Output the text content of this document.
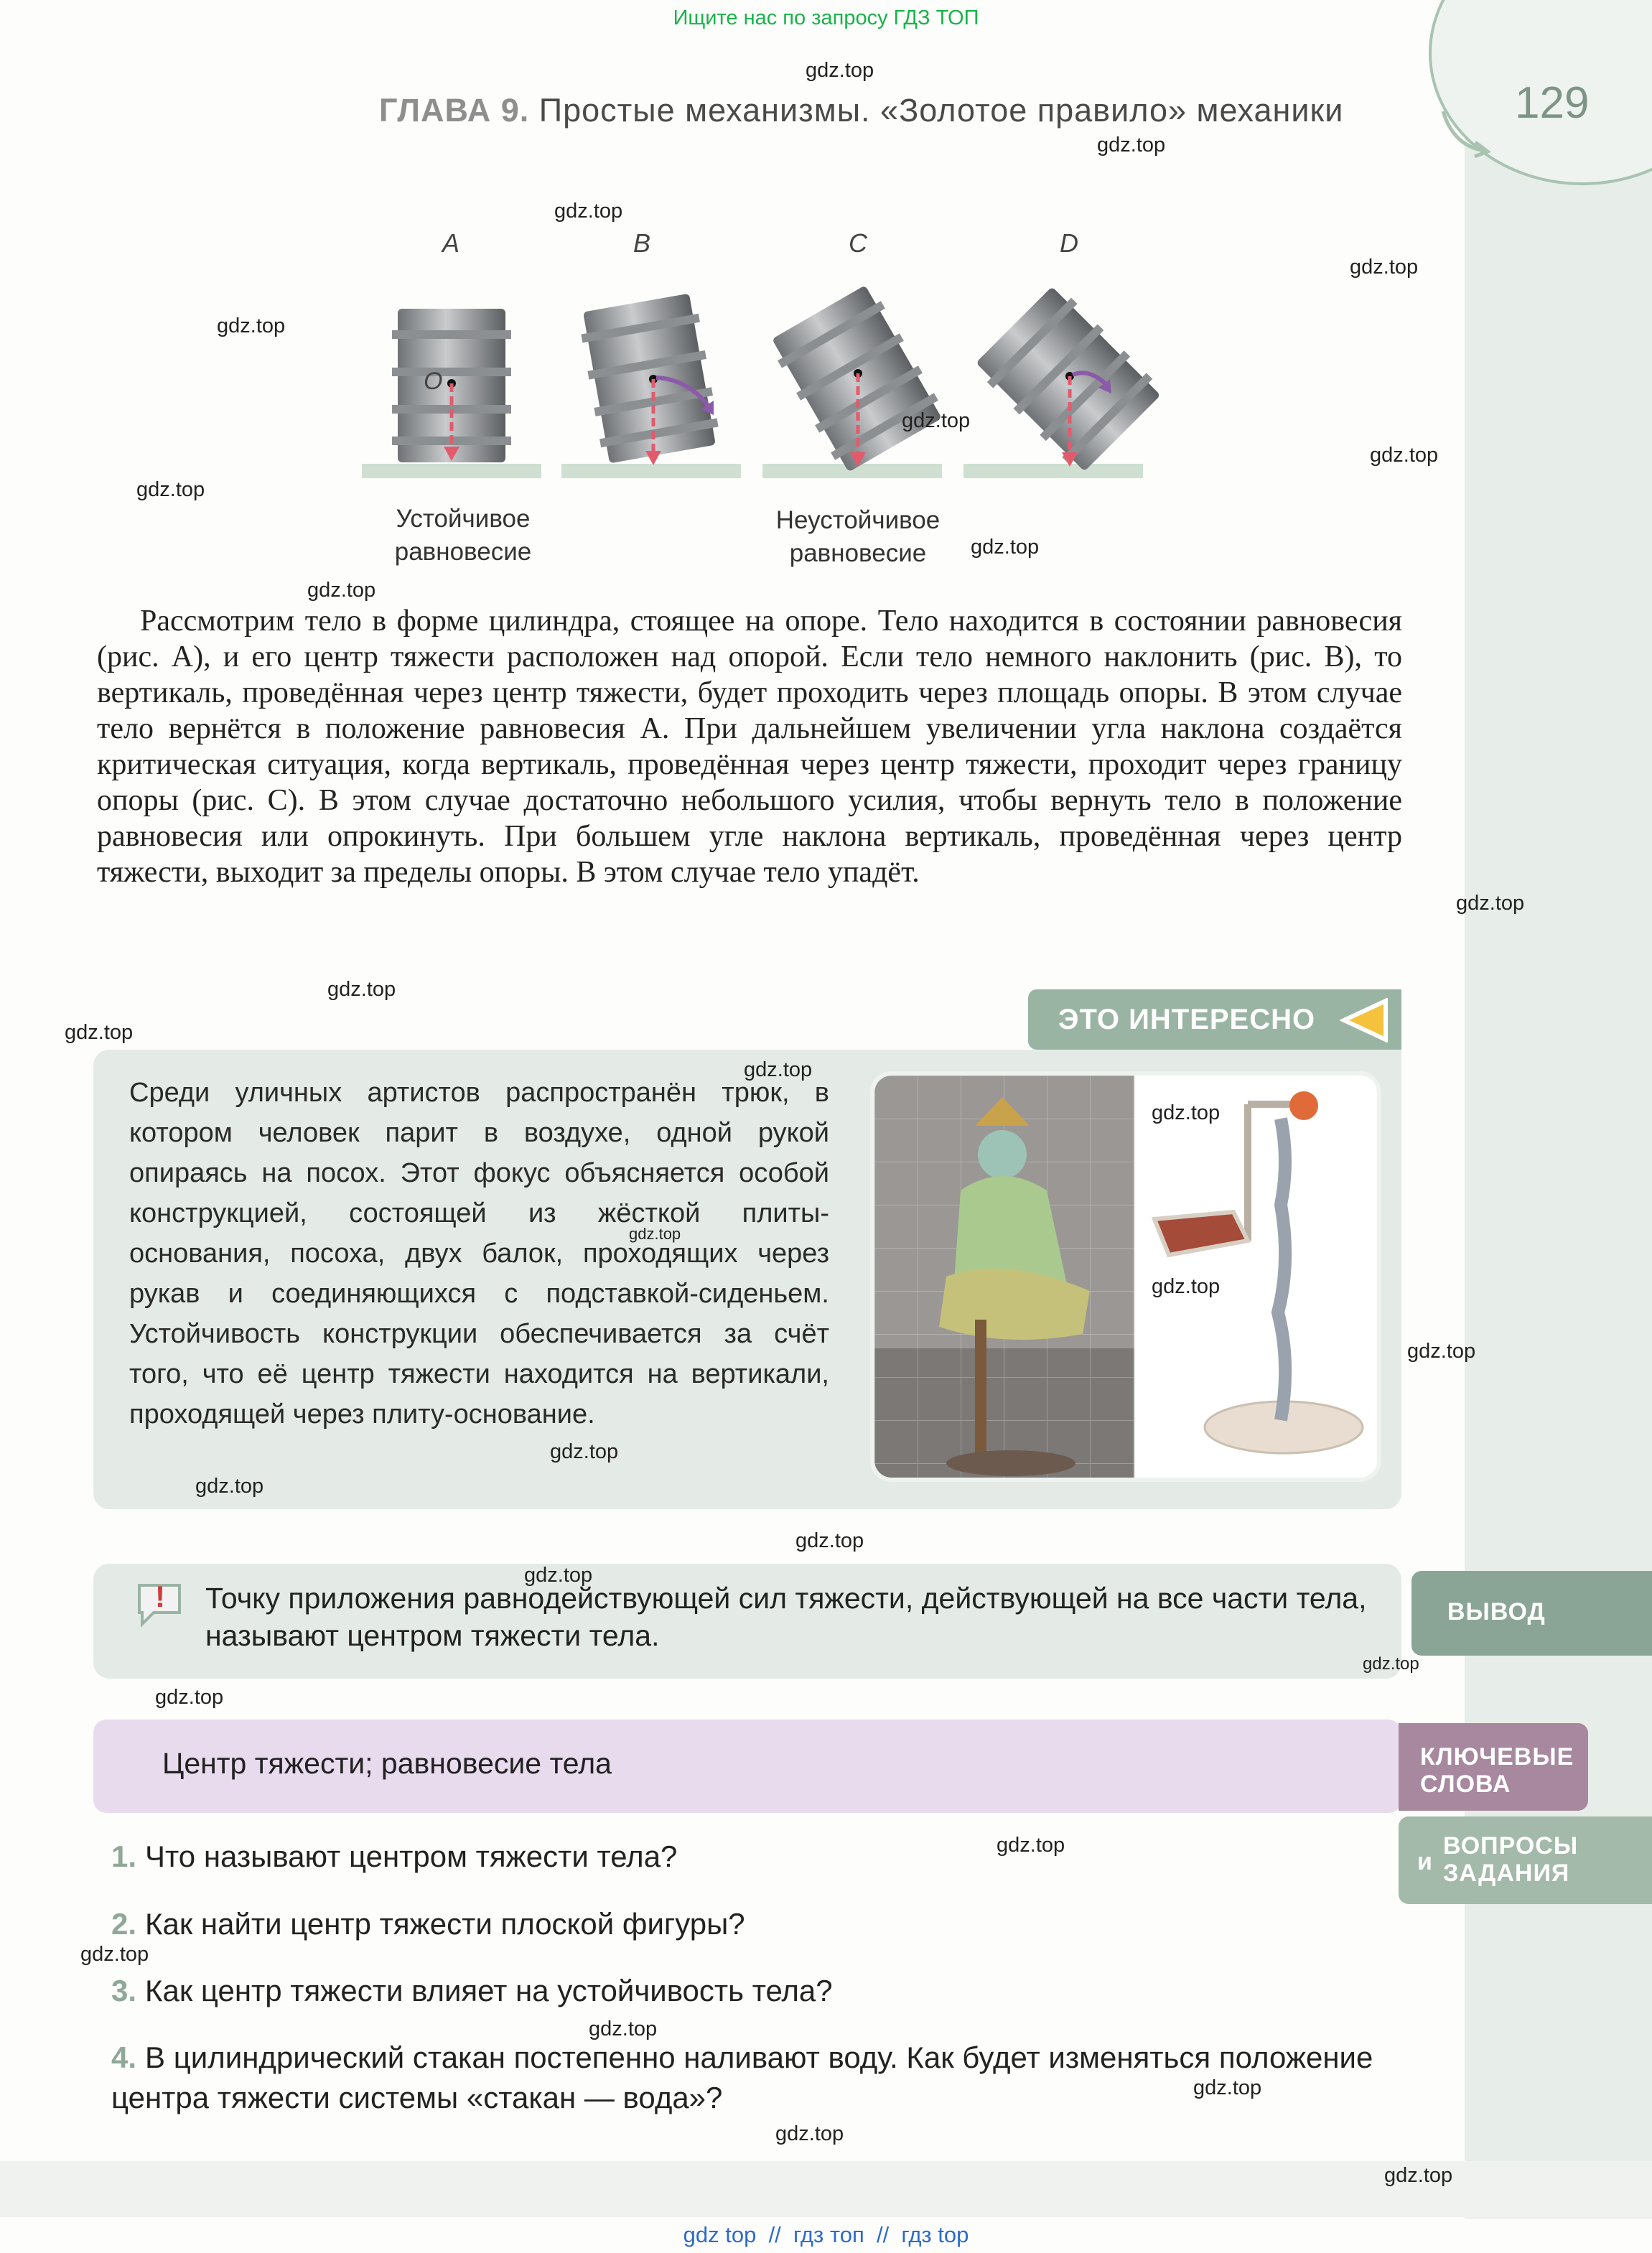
Ищите нас по запросу ГДЗ ТОП
129
ГЛАВА 9. Простые механизмы. «Золотое правило» механики
A	B	C	D
O
Устойчивое
равновесие
Неустойчивое
равновесие
Рассмотрим тело в форме цилиндра, стоящее на опоре. Тело находится в состоянии равновесия (рис. A), и его центр тяжести расположен над опорой. Если тело немного наклонить (рис. B), то вертикаль, проведённая через центр тяжести, будет проходить через площадь опоры. В этом случае тело вернётся в положение равновесия A. При дальнейшем увеличении угла наклона создаётся критическая ситуация, когда вертикаль, проведённая через центр тяжести, проходит через границу опоры (рис. C). В этом случае достаточно небольшого усилия, чтобы вернуть тело в положение равновесия или опрокинуть. При большем угле наклона вертикаль, проведённая через центр тяжести, выходит за пределы опоры. В этом случае тело упадёт.
ЭТО ИНТЕРЕСНО
Среди уличных артистов распространён трюк, в котором человек парит в воздухе, одной рукой опираясь на посох. Этот фокус объясняется особой конструкцией, состоящей из жёсткой плиты-основания, посоха, двух балок, проходящих через рукав и соединяющихся с подставкой-сиденьем. Устойчивость конструкции обеспечивается за счёт того, что её центр тяжести находится на вертикали, проходящей через плиту-основание.
! Точку приложения равнодействующей сил тяжести, действующей на все части тела, называют центром тяжести тела.
ВЫВОД
Центр тяжести; равновесие тела	КЛЮЧЕВЫЕ
СЛОВА
и
ВОПРОСЫ
ЗАДАНИЯ
1. Что называют центром тяжести тела?
2. Как найти центр тяжести плоской фигуры?
3. Как центр тяжести влияет на устойчивость тела?
4. В цилиндрический стакан постепенно наливают воду. Как будет изменяться положение центра тяжести системы «стакан — вода»?
gdz.top
gdz.top
gdz.top
gdz.top
gdz.top
gdz.top
gdz.top
gdz.top
gdz.top
gdz.top
gdz.top
gdz.top
gdz.top
gdz.top
gdz.top
gdz.top
gdz.top
gdz.top
gdz.top
gdz.top
gdz.top
gdz.top
gdz.top
gdz.top
gdz.top
gdz.top
gdz.top
gdz.top
gdz.top
gdz.top
gdz top  //  гдз топ  //  гдз top
